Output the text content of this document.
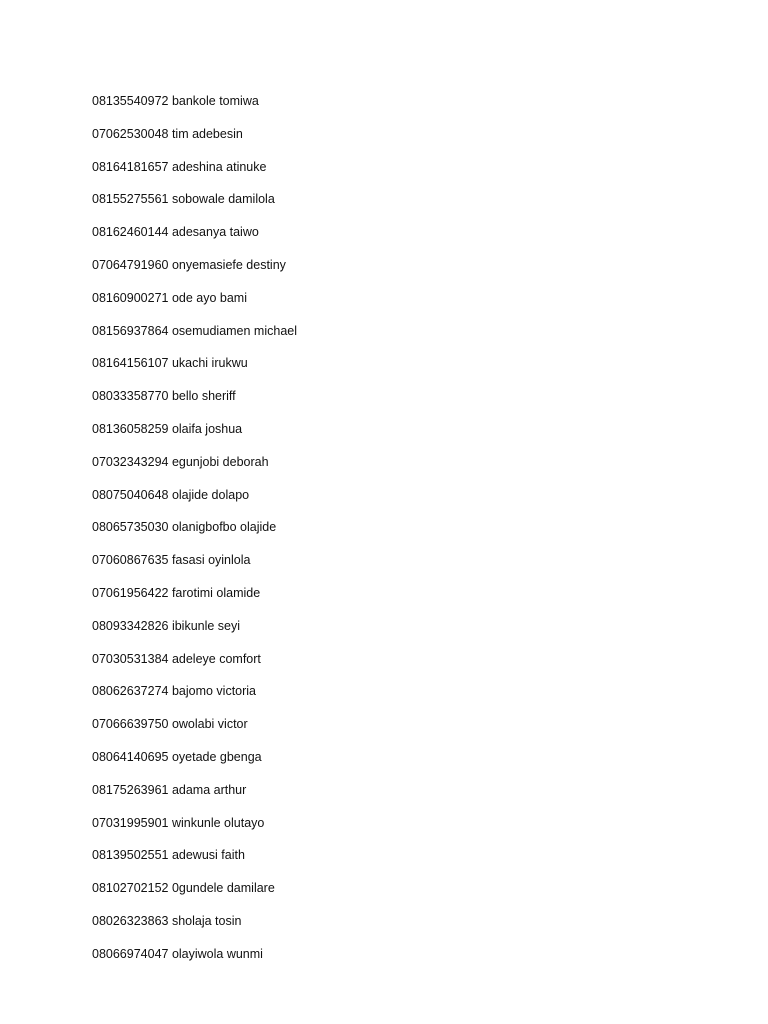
08135540972 bankole tomiwa
07062530048 tim adebesin
08164181657 adeshina atinuke
08155275561 sobowale damilola
08162460144 adesanya taiwo
07064791960 onyemasiefe destiny
08160900271 ode ayo bami
08156937864 osemudiamen michael
08164156107 ukachi irukwu
08033358770 bello sheriff
08136058259 olaifa joshua
07032343294 egunjobi deborah
08075040648 olajide dolapo
08065735030 olanigbofbo olajide
07060867635 fasasi oyinlola
07061956422 farotimi olamide
08093342826 ibikunle seyi
07030531384 adeleye comfort
08062637274 bajomo victoria
07066639750 owolabi victor
08064140695 oyetade gbenga
08175263961 adama arthur
07031995901 winkunle olutayo
08139502551 adewusi faith
08102702152 0gundele damilare
08026323863 sholaja tosin
08066974047 olayiwola wunmi
